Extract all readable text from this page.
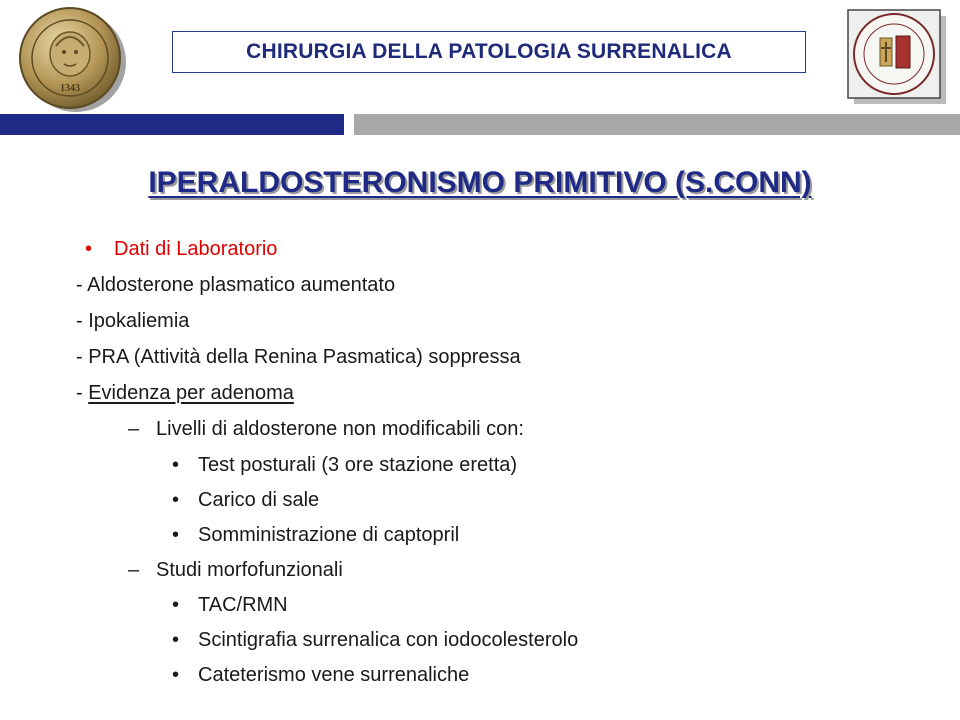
1343
CHIRURGIA DELLA PATOLOGIA SURRENALICA
IPERALDOSTERONISMO PRIMITIVO (S.CONN)
• Dati di Laboratorio
- Aldosterone plasmatico aumentato
- Ipokaliemia
- PRA (Attività della Renina Pasmatica) soppressa
- Evidenza per adenoma
– Livelli di aldosterone non modificabili con:
• Test posturali (3 ore stazione eretta)
• Carico di sale
• Somministrazione di captopril
– Studi morfofunzionali
• TAC/RMN
• Scintigrafia surrenalica con iodocolesterolo
• Cateterismo vene surrenaliche
